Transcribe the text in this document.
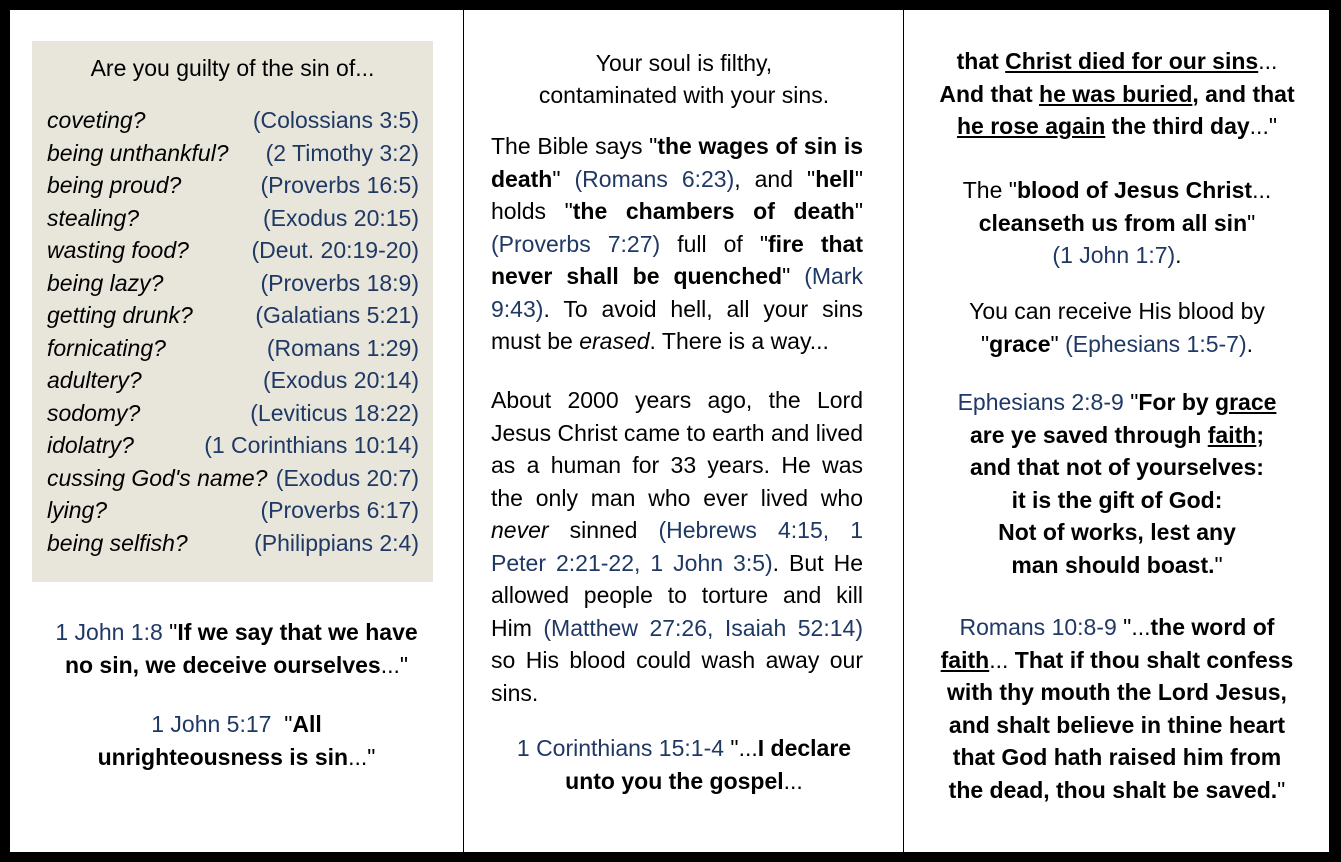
Are you guilty of the sin of...
coveting?	(Colossians 3:5)
being unthankful? (2 Timothy 3:2)
being proud?	(Proverbs 16:5)
stealing?	(Exodus 20:15)
wasting food?	(Deut. 20:19-20)
being lazy?	(Proverbs 18:9)
getting drunk?	(Galatians 5:21)
fornicating?	(Romans 1:29)
adultery?	(Exodus 20:14)
sodomy?	(Leviticus 18:22)
idolatry?	(1 Corinthians 10:14)
cussing God's name? (Exodus 20:7)
lying?	(Proverbs 6:17)
being selfish?	(Philippians 2:4)
1 John 1:8 "If we say that we have
no sin, we deceive ourselves..."
1 John 5:17 "All
unrighteousness is sin..."
Your soul is filthy,
contaminated with your sins.
The Bible says "the wages of sin is death" (Romans 6:23), and "hell" holds "the chambers of death" (Proverbs 7:27) full of "fire that never shall be quenched" (Mark 9:43). To avoid hell, all your sins must be erased. There is a way...
About 2000 years ago, the Lord Jesus Christ came to earth and lived as a human for 33 years. He was the only man who ever lived who never sinned (Hebrews 4:15, 1 Peter 2:21-22, 1 John 3:5). But He allowed people to torture and kill Him (Matthew 27:26, Isaiah 52:14) so His blood could wash away our sins.
1 Corinthians 15:1-4 "...I declare
unto you the gospel...
that Christ died for our sins...
And that he was buried, and that
he rose again the third day..."
The "blood of Jesus Christ...
cleanseth us from all sin"
(1 John 1:7).
You can receive His blood by
"grace" (Ephesians 1:5-7).
Ephesians 2:8-9 "For by grace
are ye saved through faith;
and that not of yourselves:
it is the gift of God:
Not of works, lest any
man should boast."
Romans 10:8-9 "...the word of
faith... That if thou shalt confess
with thy mouth the Lord Jesus,
and shalt believe in thine heart
that God hath raised him from
the dead, thou shalt be saved."
